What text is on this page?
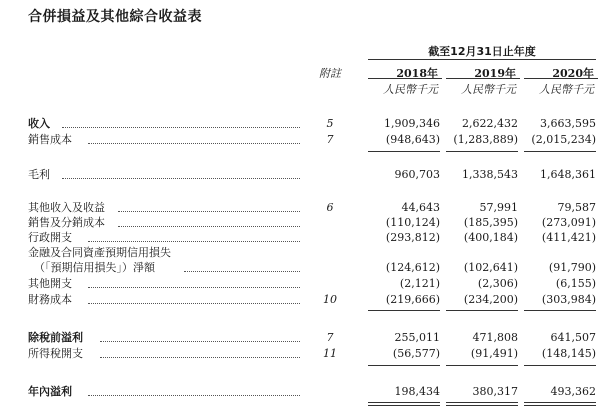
合併損益及其他綜合收益表
截至12月31日止年度
附註	2018年	2019年	2020年
人民幣千元	人民幣千元	人民幣千元
收入	5	1,909,346	2,622,432	3,663,595
銷售成本	7	(948,643)	(1,283,889)	(2,015,234)
毛利	960,703	1,338,543	1,648,361
其他收入及收益	6	44,643	57,991	79,587
銷售及分銷成本	(110,124)	(185,395)	(273,091)
行政開支	(293,812)	(400,184)	(411,421)
金融及合同資產預期信用損失
（「預期信用損失」）淨額	(124,612)	(102,641)	(91,790)
其他開支	(2,121)	(2,306)	(6,155)
財務成本	10	(219,666)	(234,200)	(303,984)
除稅前溢利	7	255,011	471,808	641,507
所得稅開支	11	(56,577)	(91,491)	(148,145)
年內溢利	198,434	380,317	493,362
